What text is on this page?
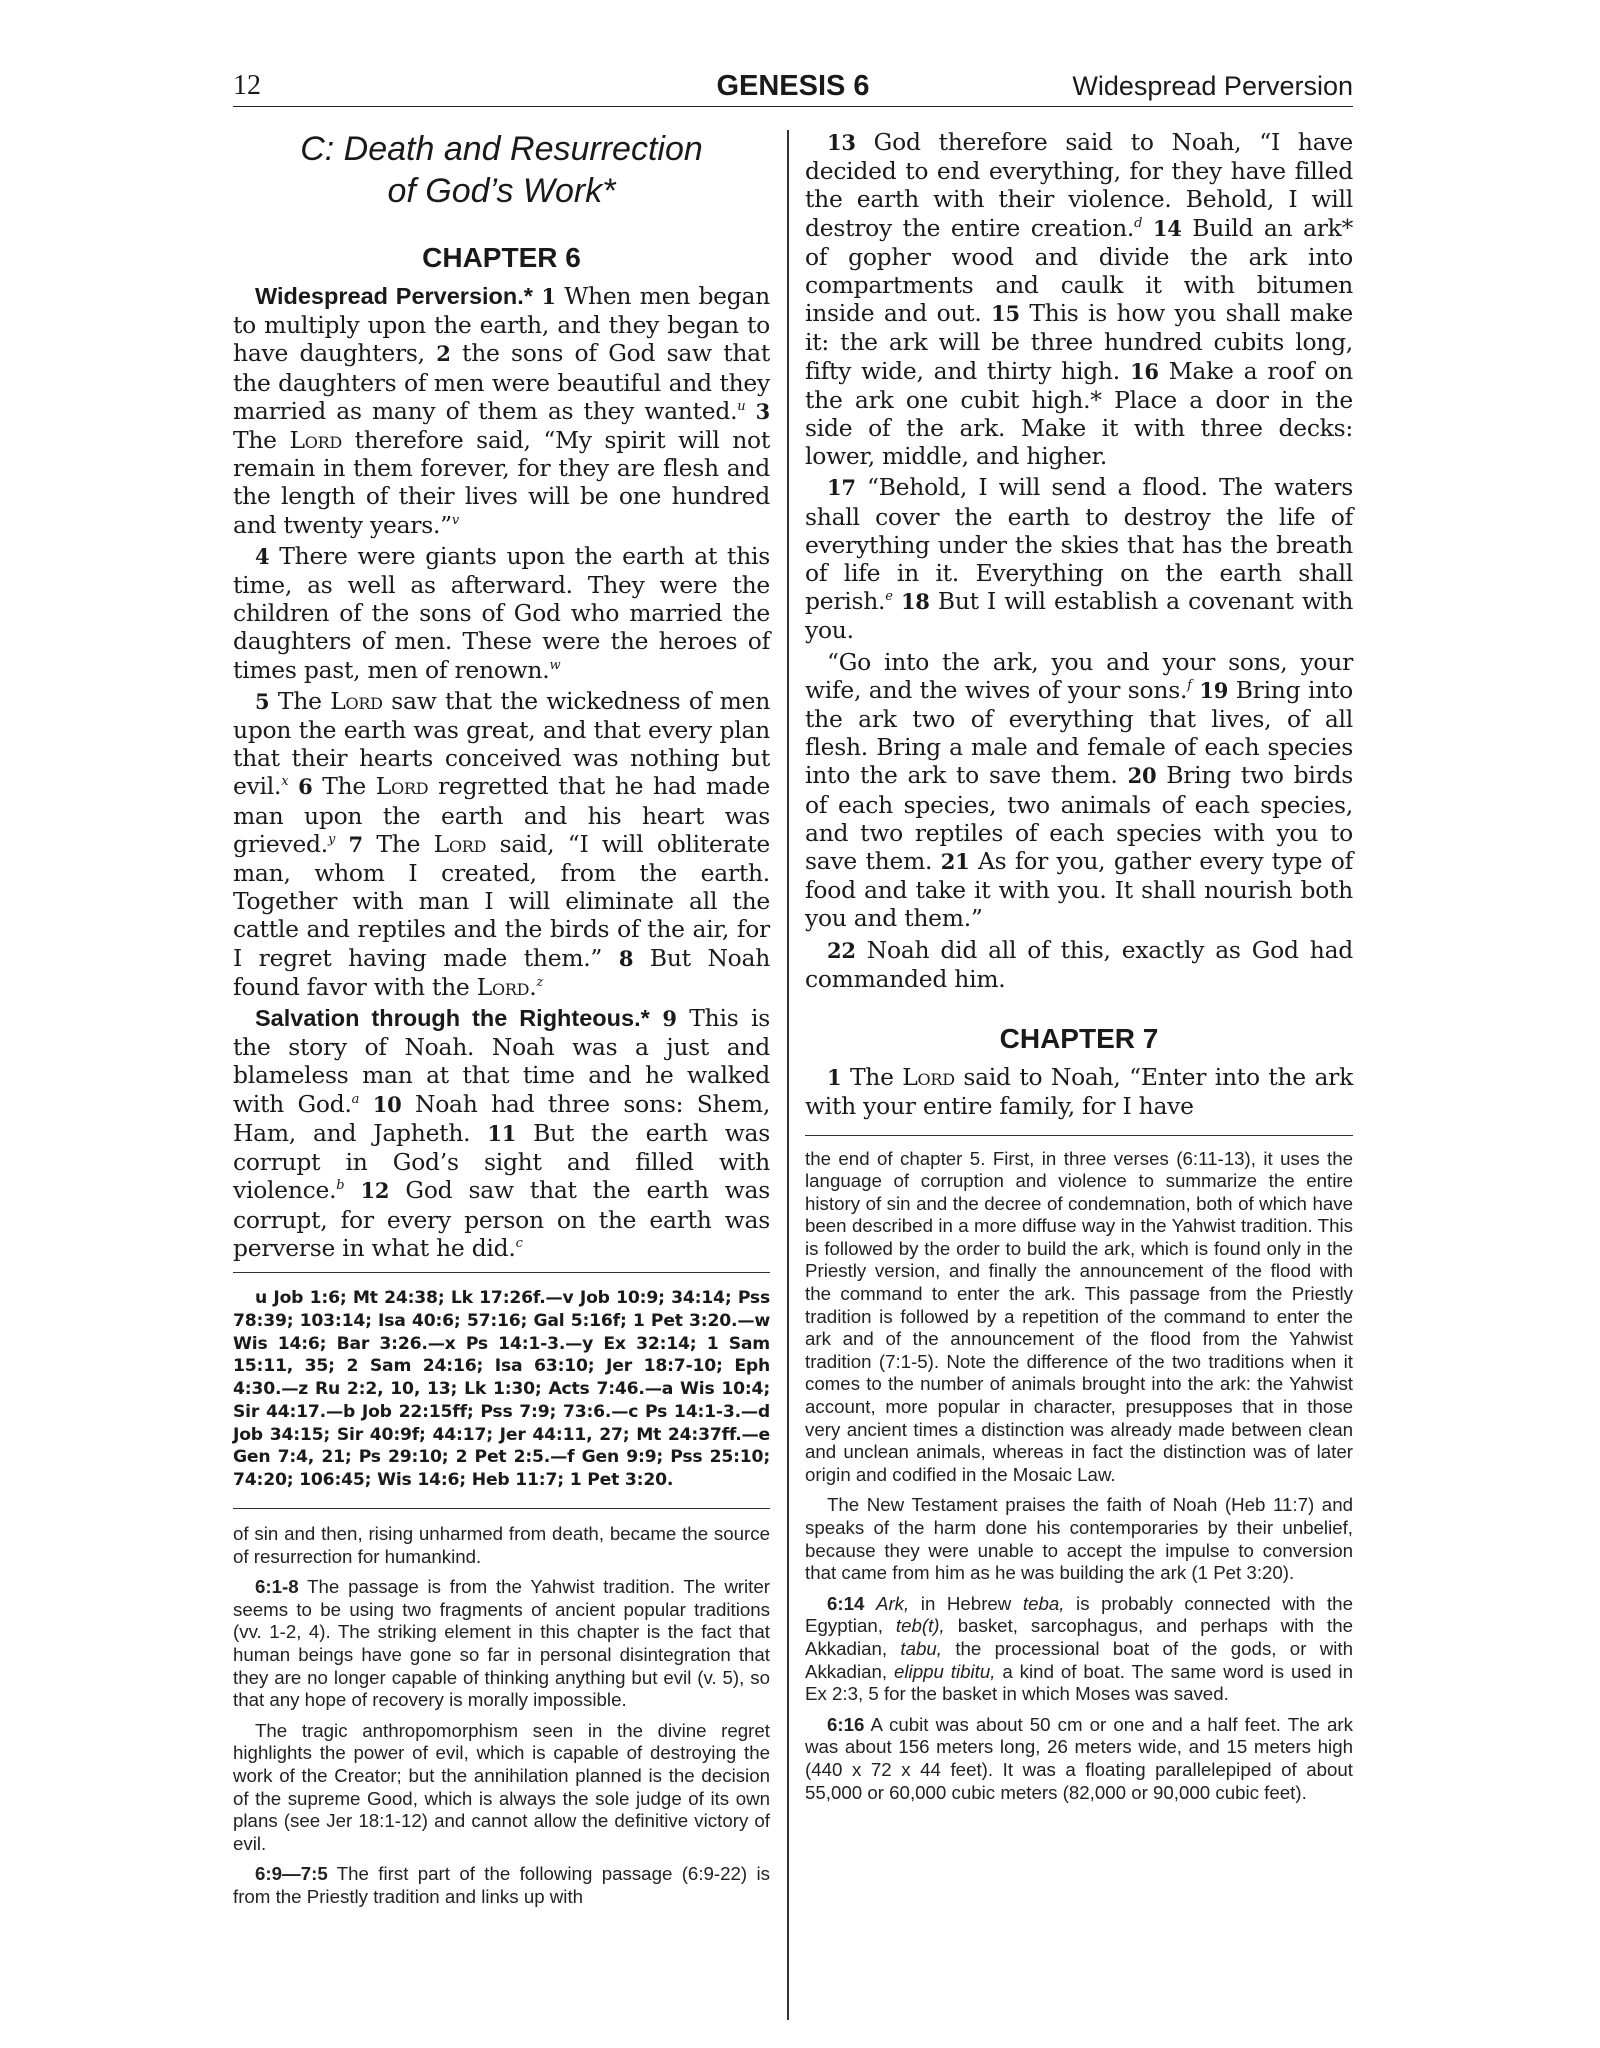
12	GENESIS 6	Widespread Perversion
C: Death and Resurrection
of God’s Work*
CHAPTER 6

Widespread Perversion.* 1 When men began to multiply upon the earth, and they began to have daughters, 2 the sons of God saw that the daughters of men were beautiful and they married as many of them as they wanted.$^u$ 3 The Lord therefore said, “My spirit will not remain in them forever, for they are flesh and the length of their lives will be one hundred and twenty years.”$^v$

4 There were giants upon the earth at this time, as well as afterward. They were the children of the sons of God who married the daughters of men. These were the heroes of times past, men of renown.$^w$

5 The Lord saw that the wickedness of men upon the earth was great, and that every plan that their hearts conceived was nothing but evil.$^x$ 6 The Lord regretted that he had made man upon the earth and his heart was grieved.$^y$ 7 The Lord said, “I will obliterate man, whom I created, from the earth. Together with man I will eliminate all the cattle and reptiles and the birds of the air, for I regret having made them.” 8 But Noah found favor with the Lord.$^z$

Salvation through the Righteous.* 9 This is the story of Noah. Noah was a just and blameless man at that time and he walked with God.$^a$ 10 Noah had three sons: Shem, Ham, and Japheth. 11 But the earth was corrupt in God’s sight and filled with violence.$^b$ 12 God saw that the earth was corrupt, for every person on the earth was perverse in what he did.$^c$

u Job 1:6; Mt 24:38; Lk 17:26f.—v Job 10:9; 34:14; Pss 78:39; 103:14; Isa 40:6; 57:16; Gal 5:16f; 1 Pet 3:20.—w Wis 14:6; Bar 3:26.—x Ps 14:1-3.—y Ex 32:14; 1 Sam 15:11, 35; 2 Sam 24:16; Isa 63:10; Jer 18:7-10; Eph 4:30.—z Ru 2:2, 10, 13; Lk 1:30; Acts 7:46.—a Wis 10:4; Sir 44:17.—b Job 22:15ff; Pss 7:9; 73:6.—c Ps 14:1-3.—d Job 34:15; Sir 40:9f; 44:17; Jer 44:11, 27; Mt 24:37ff.—e Gen 7:4, 21; Ps 29:10; 2 Pet 2:5.—f Gen 9:9; Pss 25:10; 74:20; 106:45; Wis 14:6; Heb 11:7; 1 Pet 3:20.

of sin and then, rising unharmed from death, became the source of resurrection for humankind.

6:1-8 The passage is from the Yahwist tradition. The writer seems to be using two fragments of ancient popular traditions (vv. 1-2, 4). The striking element in this chapter is the fact that human beings have gone so far in personal disintegration that they are no longer capable of thinking anything but evil (v. 5), so that any hope of recovery is morally impossible.

The tragic anthropomorphism seen in the divine regret highlights the power of evil, which is capable of destroying the work of the Creator; but the annihilation planned is the decision of the supreme Good, which is always the sole judge of its own plans (see Jer 18:1-12) and cannot allow the definitive victory of evil.

6:9—7:5 The first part of the following passage (6:9-22) is from the Priestly tradition and links up with

13 God therefore said to Noah, “I have decided to end everything, for they have filled the earth with their violence. Behold, I will destroy the entire creation.$^d$ 14 Build an ark* of gopher wood and divide the ark into compartments and caulk it with bitumen inside and out. 15 This is how you shall make it: the ark will be three hundred cubits long, fifty wide, and thirty high. 16 Make a roof on the ark one cubit high.* Place a door in the side of the ark. Make it with three decks: lower, middle, and higher.

17 “Behold, I will send a flood. The waters shall cover the earth to destroy the life of everything under the skies that has the breath of life in it. Everything on the earth shall perish.$^e$ 18 But I will establish a covenant with you.

“Go into the ark, you and your sons, your wife, and the wives of your sons.$^f$ 19 Bring into the ark two of everything that lives, of all flesh. Bring a male and female of each species into the ark to save them. 20 Bring two birds of each species, two animals of each species, and two reptiles of each species with you to save them. 21 As for you, gather every type of food and take it with you. It shall nourish both you and them.”

22 Noah did all of this, exactly as God had commanded him.

CHAPTER 7

1 The Lord said to Noah, “Enter into the ark with your entire family, for I have

the end of chapter 5. First, in three verses (6:11-13), it uses the language of corruption and violence to summarize the entire history of sin and the decree of condemnation, both of which have been described in a more diffuse way in the Yahwist tradition. This is followed by the order to build the ark, which is found only in the Priestly version, and finally the announcement of the flood with the command to enter the ark. This passage from the Priestly tradition is followed by a repetition of the command to enter the ark and of the announcement of the flood from the Yahwist tradition (7:1-5). Note the difference of the two traditions when it comes to the number of animals brought into the ark: the Yahwist account, more popular in character, presupposes that in those very ancient times a distinction was already made between clean and unclean animals, whereas in fact the distinction was of later origin and codified in the Mosaic Law.

The New Testament praises the faith of Noah (Heb 11:7) and speaks of the harm done his contemporaries by their unbelief, because they were unable to accept the impulse to conversion that came from him as he was building the ark (1 Pet 3:20).

6:14 Ark, in Hebrew teba, is probably connected with the Egyptian, teb(t), basket, sarcophagus, and perhaps with the Akkadian, tabu, the processional boat of the gods, or with Akkadian, elippu tibitu, a kind of boat. The same word is used in Ex 2:3, 5 for the basket in which Moses was saved.

6:16 A cubit was about 50 cm or one and a half feet. The ark was about 156 meters long, 26 meters wide, and 15 meters high (440 x 72 x 44 feet). It was a floating parallelepiped of about 55,000 or 60,000 cubic meters (82,000 or 90,000 cubic feet).
